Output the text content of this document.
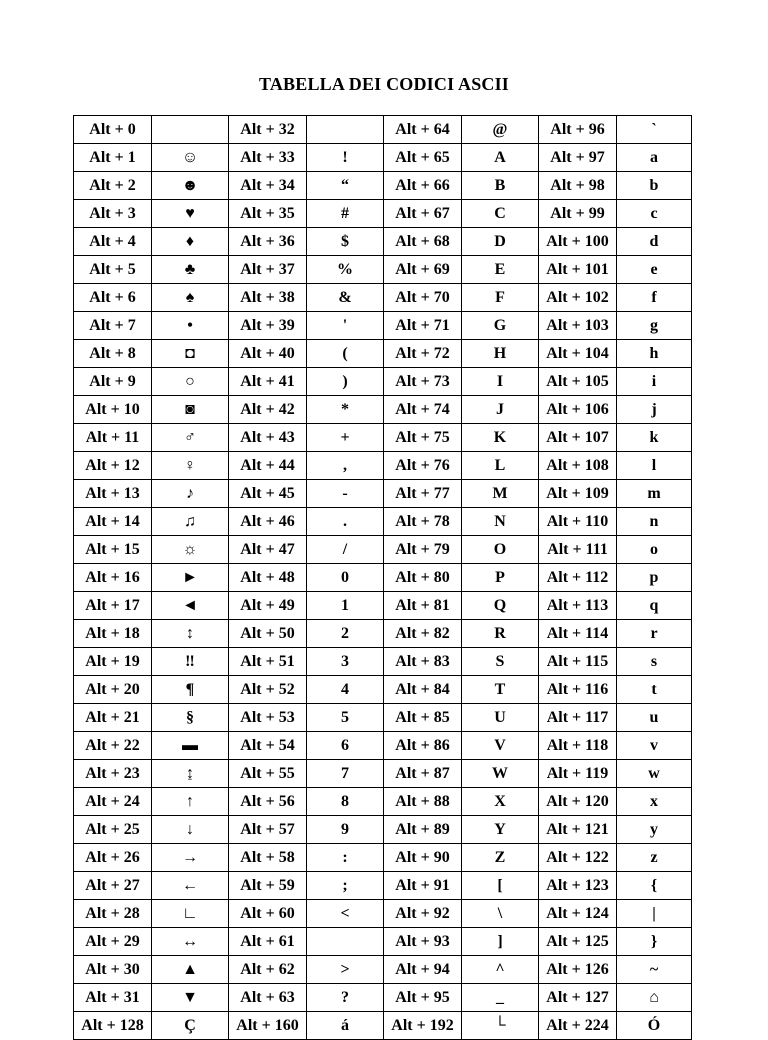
TABELLA DEI CODICI ASCII
Alt + 0		Alt + 32		Alt + 64	@	Alt + 96	`
Alt + 1	☺	Alt + 33	!	Alt + 65	A	Alt + 97	a
Alt + 2	☻	Alt + 34	“	Alt + 66	B	Alt + 98	b
Alt + 3	♥	Alt + 35	#	Alt + 67	C	Alt + 99	c
Alt + 4	♦	Alt + 36	$	Alt + 68	D	Alt + 100	d
Alt + 5	♣	Alt + 37	%	Alt + 69	E	Alt + 101	e
Alt + 6	♠	Alt + 38	&	Alt + 70	F	Alt + 102	f
Alt + 7	•	Alt + 39	'	Alt + 71	G	Alt + 103	g
Alt + 8	◘	Alt + 40	(	Alt + 72	H	Alt + 104	h
Alt + 9	○	Alt + 41	)	Alt + 73	I	Alt + 105	i
Alt + 10	◙	Alt + 42	*	Alt + 74	J	Alt + 106	j
Alt + 11	♂	Alt + 43	+	Alt + 75	K	Alt + 107	k
Alt + 12	♀	Alt + 44	,	Alt + 76	L	Alt + 108	l
Alt + 13	♪	Alt + 45	-	Alt + 77	M	Alt + 109	m
Alt + 14	♫	Alt + 46	.	Alt + 78	N	Alt + 110	n
Alt + 15	☼	Alt + 47	/	Alt + 79	O	Alt + 111	o
Alt + 16	►	Alt + 48	0	Alt + 80	P	Alt + 112	p
Alt + 17	◄	Alt + 49	1	Alt + 81	Q	Alt + 113	q
Alt + 18	↕	Alt + 50	2	Alt + 82	R	Alt + 114	r
Alt + 19	‼	Alt + 51	3	Alt + 83	S	Alt + 115	s
Alt + 20	¶	Alt + 52	4	Alt + 84	T	Alt + 116	t
Alt + 21	§	Alt + 53	5	Alt + 85	U	Alt + 117	u
Alt + 22	▬	Alt + 54	6	Alt + 86	V	Alt + 118	v
Alt + 23	↨	Alt + 55	7	Alt + 87	W	Alt + 119	w
Alt + 24	↑	Alt + 56	8	Alt + 88	X	Alt + 120	x
Alt + 25	↓	Alt + 57	9	Alt + 89	Y	Alt + 121	y
Alt + 26	→	Alt + 58	:	Alt + 90	Z	Alt + 122	z
Alt + 27	←	Alt + 59	;	Alt + 91	[	Alt + 123	{
Alt + 28	∟	Alt + 60	<	Alt + 92	\	Alt + 124	|
Alt + 29	↔	Alt + 61		Alt + 93	]	Alt + 125	}
Alt + 30	▲	Alt + 62	>	Alt + 94	^	Alt + 126	~
Alt + 31	▼	Alt + 63	?	Alt + 95	_	Alt + 127	⌂
Alt + 128	Ç	Alt + 160	á	Alt + 192	└	Alt + 224	Ó
